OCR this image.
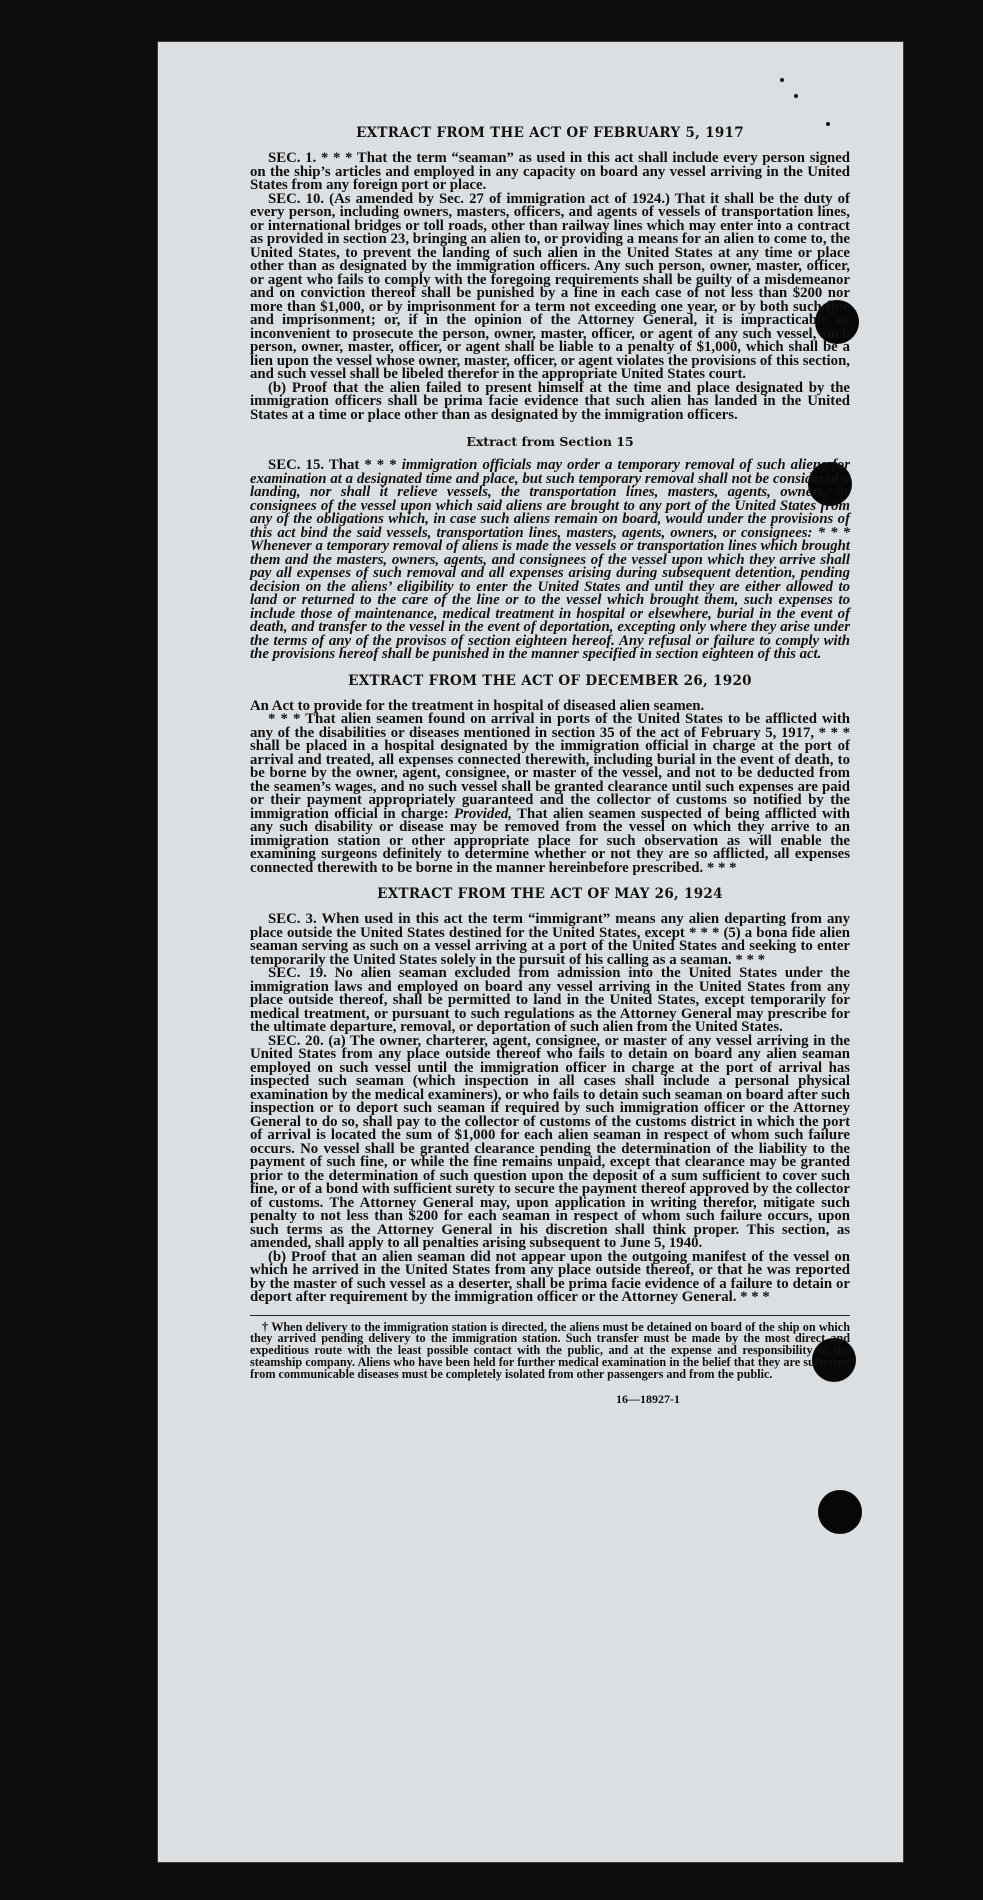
EXTRACT FROM THE ACT OF FEBRUARY 5, 1917

SEC. 1. * * * That the term “seaman” as used in this act shall include every person signed on the ship’s articles and employed in any capacity on board any vessel arriving in the United States from any foreign port or place.

SEC. 10. (As amended by Sec. 27 of immigration act of 1924.) That it shall be the duty of every person, including owners, masters, officers, and agents of vessels of transportation lines, or international bridges or toll roads, other than railway lines which may enter into a contract as provided in section 23, bringing an alien to, or providing a means for an alien to come to, the United States, to prevent the landing of such alien in the United States at any time or place other than as designated by the immigration officers. Any such person, owner, master, officer, or agent who fails to comply with the foregoing requirements shall be guilty of a misdemeanor and on conviction thereof shall be punished by a fine in each case of not less than $200 nor more than $1,000, or by imprisonment for a term not exceeding one year, or by both such fine and imprisonment; or, if in the opinion of the Attorney General, it is impracticable or inconvenient to prosecute the person, owner, master, officer, or agent of any such vessel, such person, owner, master, officer, or agent shall be liable to a penalty of $1,000, which shall be a lien upon the vessel whose owner, master, officer, or agent violates the provisions of this section, and such vessel shall be libeled therefor in the appropriate United States court.

(b) Proof that the alien failed to present himself at the time and place designated by the immigration officers shall be prima facie evidence that such alien has landed in the United States at a time or place other than as designated by the immigration officers.

Extract from Section 15

SEC. 15. That * * * immigration officials may order a temporary removal of such aliens for examination at a designated time and place, but such temporary removal shall not be considered a landing, nor shall it relieve vessels, the transportation lines, masters, agents, owners, or consignees of the vessel upon which said aliens are brought to any port of the United States from any of the obligations which, in case such aliens remain on board, would under the provisions of this act bind the said vessels, transportation lines, masters, agents, owners, or consignees: * * * Whenever a temporary removal of aliens is made the vessels or transportation lines which brought them and the masters, owners, agents, and consignees of the vessel upon which they arrive shall pay all expenses of such removal and all expenses arising during subsequent detention, pending decision on the aliens’ eligibility to enter the United States and until they are either allowed to land or returned to the care of the line or to the vessel which brought them, such expenses to include those of maintenance, medical treatment in hospital or elsewhere, burial in the event of death, and transfer to the vessel in the event of deportation, excepting only where they arise under the terms of any of the provisos of section eighteen hereof. Any refusal or failure to comply with the provisions hereof shall be punished in the manner specified in section eighteen of this act.

EXTRACT FROM THE ACT OF DECEMBER 26, 1920

An Act to provide for the treatment in hospital of diseased alien seamen.

* * * That alien seamen found on arrival in ports of the United States to be afflicted with any of the disabilities or diseases mentioned in section 35 of the act of February 5, 1917, * * * shall be placed in a hospital designated by the immigration official in charge at the port of arrival and treated, all expenses connected therewith, including burial in the event of death, to be borne by the owner, agent, consignee, or master of the vessel, and not to be deducted from the seamen’s wages, and no such vessel shall be granted clearance until such expenses are paid or their payment appropriately guaranteed and the collector of customs so notified by the immigration official in charge: Provided, That alien seamen suspected of being afflicted with any such disability or disease may be removed from the vessel on which they arrive to an immigration station or other appropriate place for such observation as will enable the examining surgeons definitely to determine whether or not they are so afflicted, all expenses connected therewith to be borne in the manner hereinbefore prescribed. * * *

EXTRACT FROM THE ACT OF MAY 26, 1924

SEC. 3. When used in this act the term “immigrant” means any alien departing from any place outside the United States destined for the United States, except * * * (5) a bona fide alien seaman serving as such on a vessel arriving at a port of the United States and seeking to enter temporarily the United States solely in the pursuit of his calling as a seaman. * * *

SEC. 19. No alien seaman excluded from admission into the United States under the immigration laws and employed on board any vessel arriving in the United States from any place outside thereof, shall be permitted to land in the United States, except temporarily for medical treatment, or pursuant to such regulations as the Attorney General may prescribe for the ultimate departure, removal, or deportation of such alien from the United States.

SEC. 20. (a) The owner, charterer, agent, consignee, or master of any vessel arriving in the United States from any place outside thereof who fails to detain on board any alien seaman employed on such vessel until the immigration officer in charge at the port of arrival has inspected such seaman (which inspection in all cases shall include a personal physical examination by the medical examiners), or who fails to detain such seaman on board after such inspection or to deport such seaman if required by such immigration officer or the Attorney General to do so, shall pay to the collector of customs of the customs district in which the port of arrival is located the sum of $1,000 for each alien seaman in respect of whom such failure occurs. No vessel shall be granted clearance pending the determination of the liability to the payment of such fine, or while the fine remains unpaid, except that clearance may be granted prior to the determination of such question upon the deposit of a sum sufficient to cover such fine, or of a bond with sufficient surety to secure the payment thereof approved by the collector of customs. The Attorney General may, upon application in writing therefor, mitigate such penalty to not less than $200 for each seaman in respect of whom such failure occurs, upon such terms as the Attorney General in his discretion shall think proper. This section, as amended, shall apply to all penalties arising subsequent to June 5, 1940.

(b) Proof that an alien seaman did not appear upon the outgoing manifest of the vessel on which he arrived in the United States from any place outside thereof, or that he was reported by the master of such vessel as a deserter, shall be prima facie evidence of a failure to detain or deport after requirement by the immigration officer or the Attorney General. * * *

† When delivery to the immigration station is directed, the aliens must be detained on board of the ship on which they arrived pending delivery to the immigration station. Such transfer must be made by the most direct and expeditious route with the least possible contact with the public, and at the expense and responsibility of the steamship company. Aliens who have been held for further medical examination in the belief that they are suffering from communicable diseases must be completely isolated from other passengers and from the public.

16—18927-1
